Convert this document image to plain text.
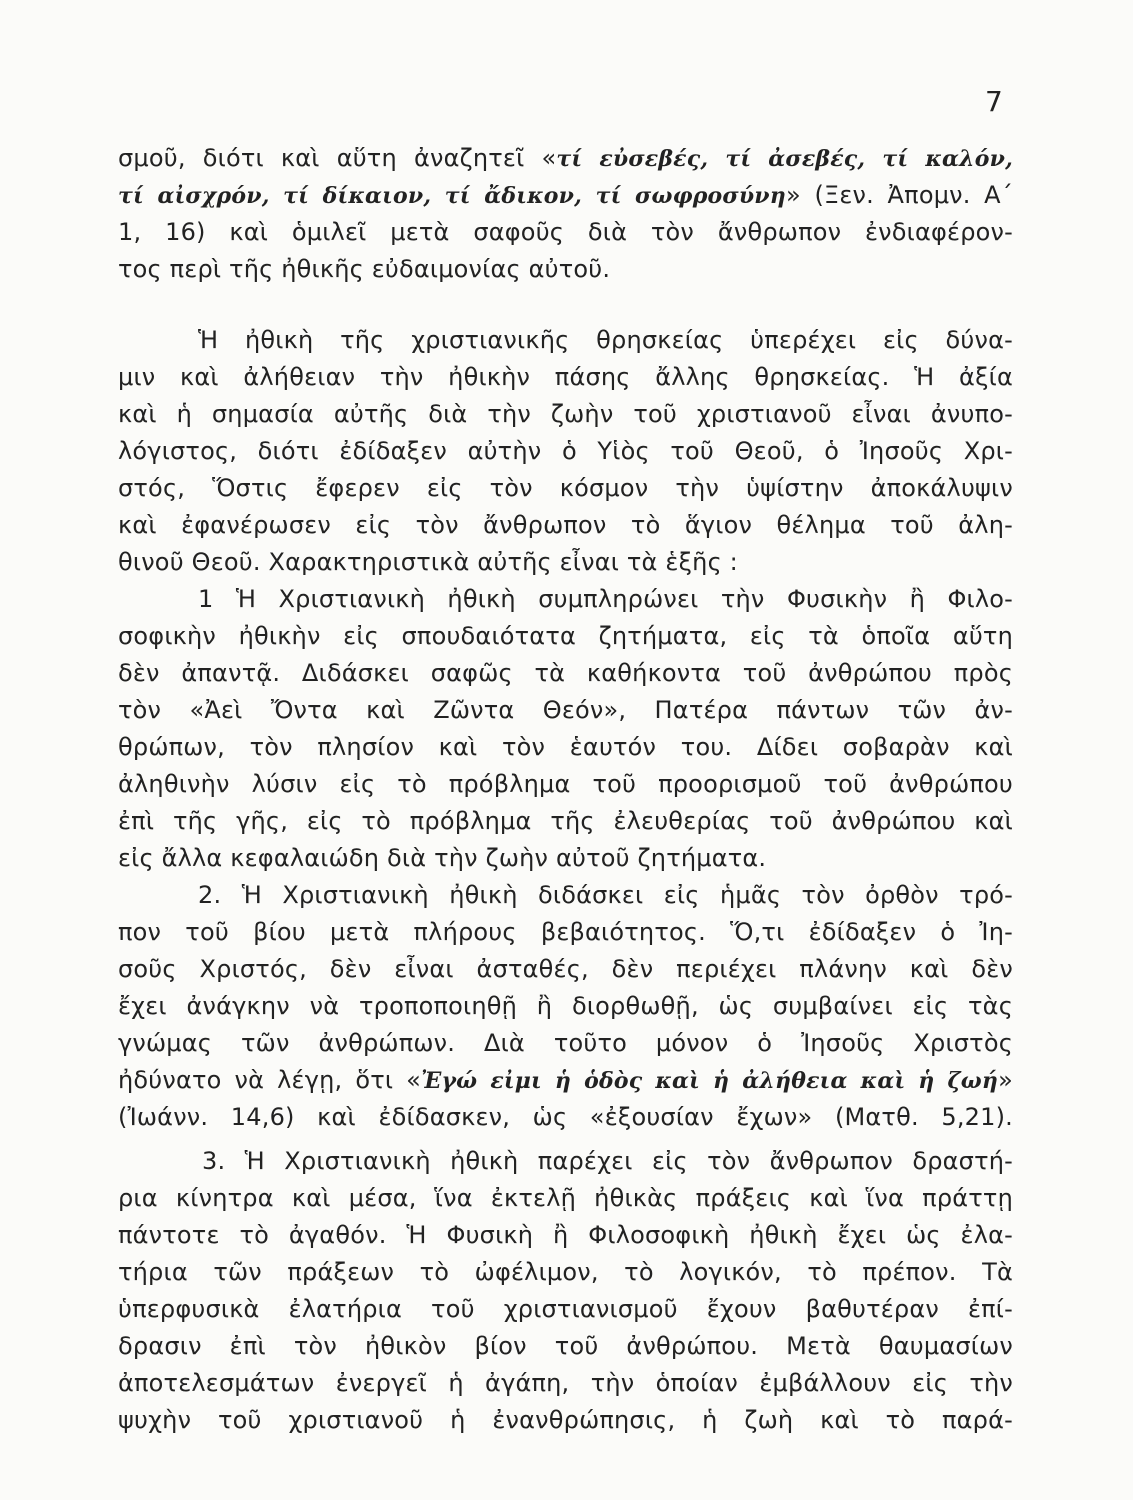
7
σμοῦ, διότι καὶ αὕτη ἀναζητεῖ «τί εὐσεβές, τί ἀσεβές, τί καλόν,
τί αἰσχρόν, τί δίκαιον, τί ἄδικον, τί σωφροσύνη» (Ξεν. Ἀπομν. Α΄
1, 16) καὶ ὁμιλεῖ μετὰ σαφοῦς διὰ τὸν ἄνθρωπον ἐνδιαφέρον-
τος περὶ τῆς ἠθικῆς εὐδαιμονίας αὐτοῦ.
Ἡ ἠθικὴ τῆς χριστιανικῆς θρησκείας ὑπερέχει εἰς δύνα-
μιν καὶ ἀλήθειαν τὴν ἠθικὴν πάσης ἄλλης θρησκείας. Ἡ ἀξία
καὶ ἡ σημασία αὐτῆς διὰ τὴν ζωὴν τοῦ χριστιανοῦ εἶναι ἀνυπο-
λόγιστος, διότι ἐδίδαξεν αὐτὴν ὁ Υἱὸς τοῦ Θεοῦ, ὁ Ἰησοῦς Χρι-
στός, Ὅστις ἔφερεν εἰς τὸν κόσμον τὴν ὑψίστην ἀποκάλυψιν
καὶ ἐφανέρωσεν εἰς τὸν ἄνθρωπον τὸ ἅγιον θέλημα τοῦ ἀλη-
θινοῦ Θεοῦ. Χαρακτηριστικὰ αὐτῆς εἶναι τὰ ἑξῆς :
1 Ἡ Χριστιανικὴ ἠθικὴ συμπληρώνει τὴν Φυσικὴν ἢ Φιλο-
σοφικὴν ἠθικὴν εἰς σπουδαιότατα ζητήματα, εἰς τὰ ὁποῖα αὕτη
δὲν ἀπαντᾷ. Διδάσκει σαφῶς τὰ καθήκοντα τοῦ ἀνθρώπου πρὸς
τὸν «Ἀεὶ Ὄντα καὶ Ζῶντα Θεόν», Πατέρα πάντων τῶν ἀν-
θρώπων, τὸν πλησίον καὶ τὸν ἑαυτόν του. Δίδει σοβαρὰν καὶ
ἀληθινὴν λύσιν εἰς τὸ πρόβλημα τοῦ προορισμοῦ τοῦ ἀνθρώπου
ἐπὶ τῆς γῆς, εἰς τὸ πρόβλημα τῆς ἐλευθερίας τοῦ ἀνθρώπου καὶ
εἰς ἄλλα κεφαλαιώδη διὰ τὴν ζωὴν αὐτοῦ ζητήματα.
2. Ἡ Χριστιανικὴ ἠθικὴ διδάσκει εἰς ἡμᾶς τὸν ὀρθὸν τρό-
πον τοῦ βίου μετὰ πλήρους βεβαιότητος. Ὅ,τι ἐδίδαξεν ὁ Ἰη-
σοῦς Χριστός, δὲν εἶναι ἀσταθές, δὲν περιέχει πλάνην καὶ δὲν
ἔχει ἀνάγκην νὰ τροποποιηθῇ ἢ διορθωθῇ, ὡς συμβαίνει εἰς τὰς
γνώμας τῶν ἀνθρώπων. Διὰ τοῦτο μόνον ὁ Ἰησοῦς Χριστὸς
ἠδύνατο νὰ λέγῃ, ὅτι «Ἐγώ εἰμι ἡ ὁδὸς καὶ ἡ ἀλήθεια καὶ ἡ ζωή»
(Ἰωάνν. 14,6) καὶ ἐδίδασκεν, ὡς «ἐξουσίαν ἔχων» (Ματθ. 5,21).
3. Ἡ Χριστιανικὴ ἠθικὴ παρέχει εἰς τὸν ἄνθρωπον δραστή-
ρια κίνητρα καὶ μέσα, ἵνα ἐκτελῇ ἠθικὰς πράξεις καὶ ἵνα πράττῃ
πάντοτε τὸ ἀγαθόν. Ἡ Φυσικὴ ἢ Φιλοσοφικὴ ἠθικὴ ἔχει ὡς ἐλα-
τήρια τῶν πράξεων τὸ ὠφέλιμον, τὸ λογικόν, τὸ πρέπον. Τὰ
ὑπερφυσικὰ ἐλατήρια τοῦ χριστιανισμοῦ ἔχουν βαθυτέραν ἐπί-
δρασιν ἐπὶ τὸν ἠθικὸν βίον τοῦ ἀνθρώπου. Μετὰ θαυμασίων
ἀποτελεσμάτων ἐνεργεῖ ἡ ἀγάπη, τὴν ὁποίαν ἐμβάλλουν εἰς τὴν
ψυχὴν τοῦ χριστιανοῦ ἡ ἐνανθρώπησις, ἡ ζωὴ καὶ τὸ παρά-
